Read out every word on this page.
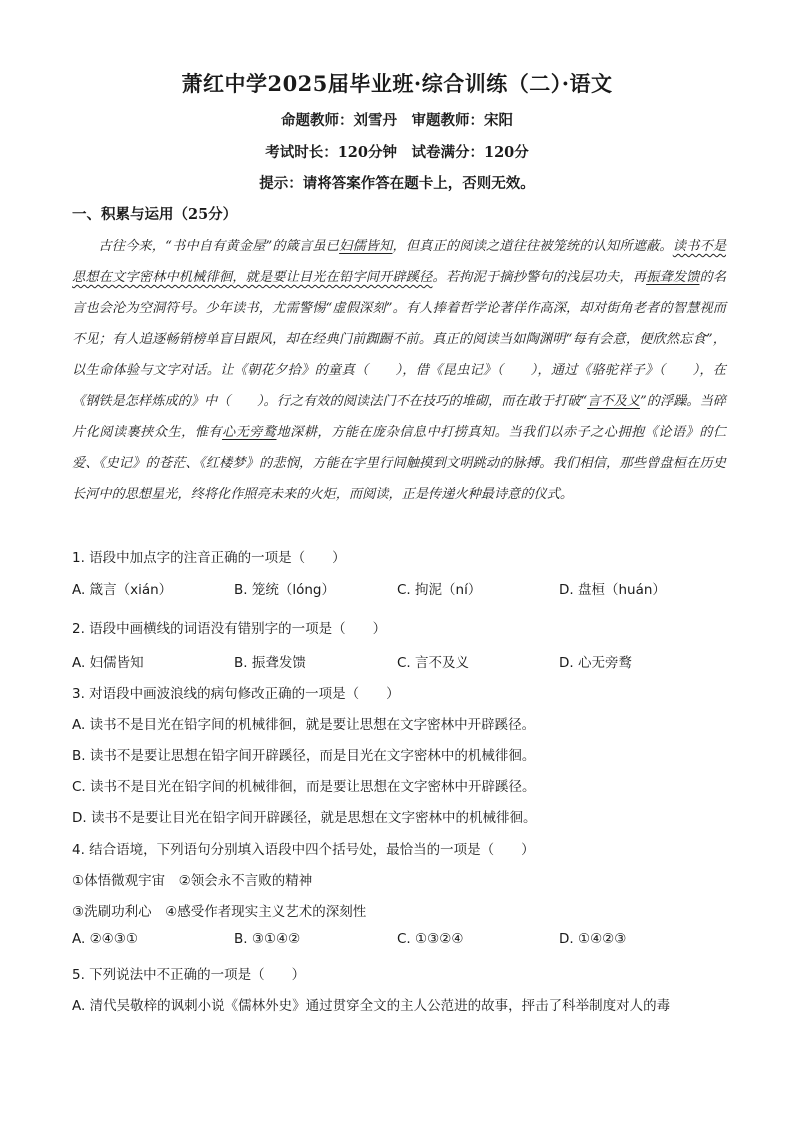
萧红中学2025届毕业班·综合训练（二）·语文
命题教师：刘雪丹　审题教师：宋阳
考试时长：120分钟　试卷满分：120分
提示：请将答案作答在题卡上，否则无效。
一、积累与运用（25分）

古往今来，“书中自有黄金屋”的箴言虽已妇儒皆知，但真正的阅读之道往往被笼统的认知所遮蔽。读书不是思想在文字密林中机械徘徊，就是要让目光在铅字间开辟蹊径。若拘泥于摘抄警句的浅层功夫，再振聋发馈的名言也会沦为空洞符号。少年读书，尤需警惕“虚假深刻”。有人捧着哲学论著佯作高深，却对街角老者的智慧视而不见；有人追逐畅销榜单盲目跟风，却在经典门前踟蹰不前。真正的阅读当如陶渊明“每有会意，便欣然忘食”，以生命体验与文字对话。让《朝花夕拾》的童真（　　），借《昆虫记》（　　），通过《骆驼祥子》（　　），在《钢铁是怎样炼成的》中（　　）。行之有效的阅读法门不在技巧的堆砌，而在敢于打破“言不及义”的浮躁。当碎片化阅读裹挟众生，惟有心无旁鹜地深耕，方能在庞杂信息中打捞真知。当我们以赤子之心拥抱《论语》的仁爱、《史记》的苍茫、《红楼梦》的悲悯，方能在字里行间触摸到文明跳动的脉搏。我们相信，那些曾盘桓在历史长河中的思想星光，终将化作照亮未来的火炬，而阅读，正是传递火种最诗意的仪式。

1. 语段中加点字的注音正确的一项是（　　）
A. 箴言（xián）	B. 笼统（lóng）	C. 拘泥（ní）	D. 盘桓（huán）
2. 语段中画横线的词语没有错别字的一项是（　　）
A. 妇儒皆知	B. 振聋发馈	C. 言不及义	D. 心无旁鹜
3. 对语段中画波浪线的病句修改正确的一项是（　　）
A. 读书不是目光在铅字间的机械徘徊，就是要让思想在文字密林中开辟蹊径。
B. 读书不是要让思想在铅字间开辟蹊径，而是目光在文字密林中的机械徘徊。
C. 读书不是目光在铅字间的机械徘徊，而是要让思想在文字密林中开辟蹊径。
D. 读书不是要让目光在铅字间开辟蹊径，就是思想在文字密林中的机械徘徊。
4. 结合语境，下列语句分别填入语段中四个括号处，最恰当的一项是（　　）
①体悟微观宇宙　②领会永不言败的精神
③洗刷功利心　④感受作者现实主义艺术的深刻性
A. ②④③①	B. ③①④②	C. ①③②④	D. ①④②③
5. 下列说法中不正确的一项是（　　）
A. 清代吴敬梓的讽刺小说《儒林外史》通过贯穿全文的主人公范进的故事，抨击了科举制度对人的毒
